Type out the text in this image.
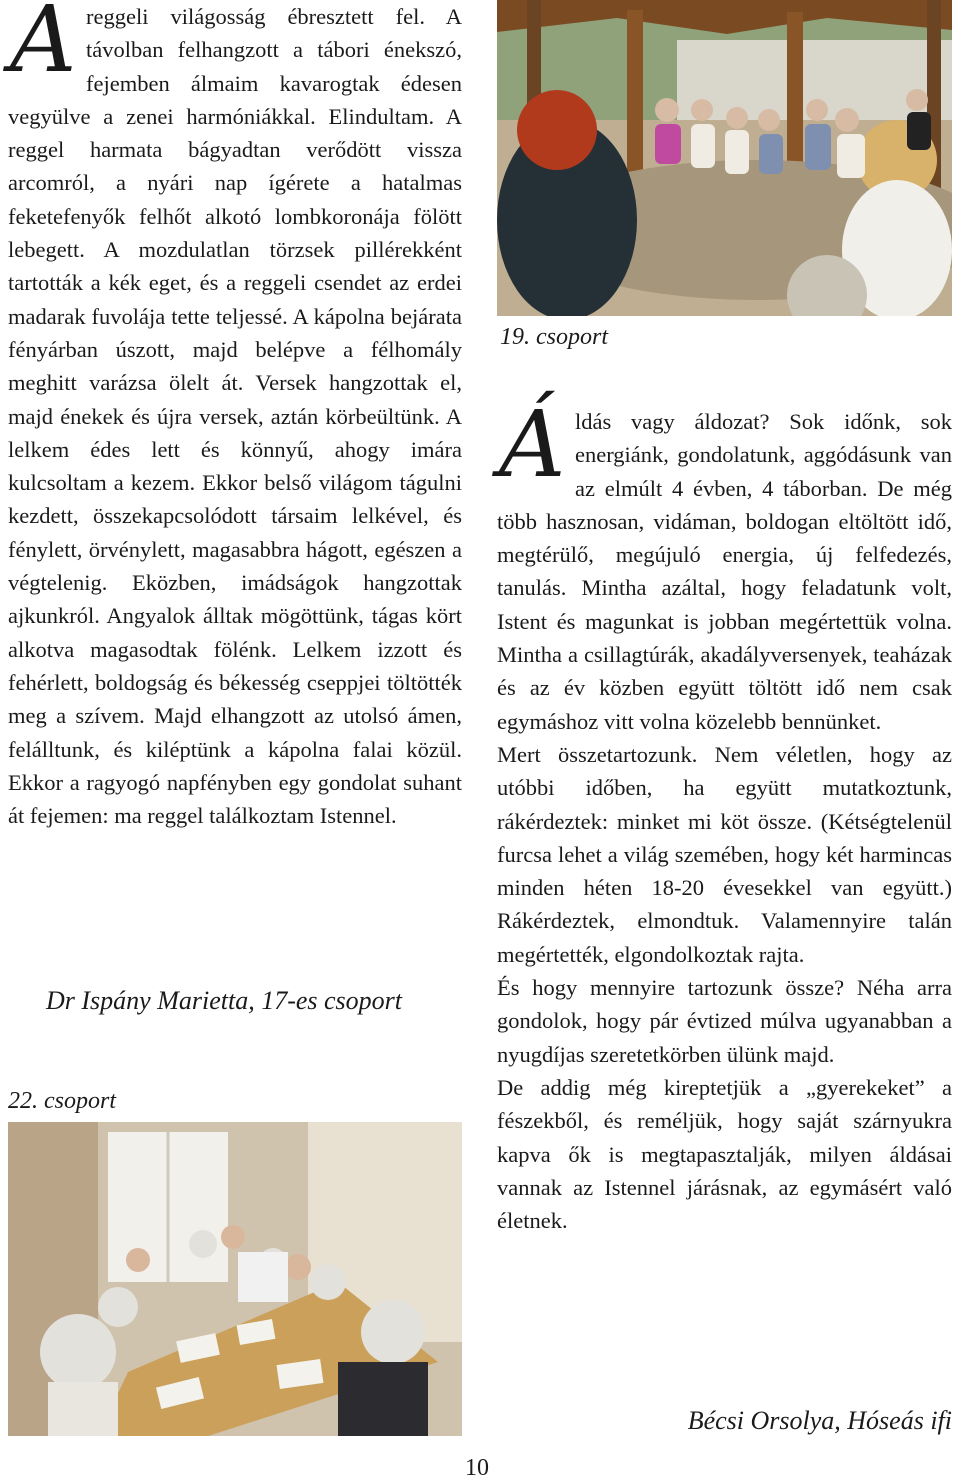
19. csoport
A reggeli világosság ébresztett fel. A távolban felhangzott a tábori énekszó, fejemben álmaim kavarogtak édesen vegyülve a zenei harmóniákkal. Elindultam. A reggel harmata bágyadtan verődött vissza arcomról, a nyári nap ígérete a hatalmas feketefenyők felhőt alkotó lombkoronája fölött lebegett. A mozdulatlan törzsek pillérekként tartották a kék eget, és a reggeli csendet az erdei madarak fuvolája tette teljessé. A kápolna bejárata fényárban úszott, majd belépve a félhomály meghitt varázsa ölelt át. Versek hangzottak el, majd énekek és újra versek, aztán körbeültünk. A lelkem édes lett és könnyű, ahogy imára kulcsoltam a kezem. Ekkor belső világom tágulni kezdett, összekapcsolódott társaim lelkével, és fénylett, örvénylett, magasabbra hágott, egészen a végtelenig. Eközben, imádságok hangzottak ajkunkról. Angyalok álltak mögöttünk, tágas kört alkotva magasodtak fölénk. Lelkem izzott és fehérlett, boldogság és békesség cseppjei töltötték meg a szívem. Majd elhangzott az utolsó ámen, felálltunk, és kiléptünk a kápolna falai közül. Ekkor a ragyogó napfényben egy gondolat suhant át fejemen: ma reggel találkoztam Istennel.

Dr Ispány Marietta, 17-es csoport
22. csoport
Á ldás vagy áldozat? Sok időnk, sok energiánk, gondolatunk, aggódásunk van az elmúlt 4 évben, 4 táborban. De még több hasznosan, vidáman, boldogan eltöltött idő, megtérülő, megújuló energia, új felfedezés, tanulás. Mintha azáltal, hogy feladatunk volt, Istent és magunkat is jobban megértettük volna. Mintha a csillagtúrák, akadályversenyek, teaházak és az év közben együtt töltött idő nem csak egymáshoz vitt volna közelebb bennünket.

Mert összetartozunk. Nem véletlen, hogy az utóbbi időben, ha együtt mutatkoztunk, rákérdeztek: minket mi köt össze. (Kétségtelenül furcsa lehet a világ szemében, hogy két harmincas minden héten 18-20 évesekkel van együtt.) Rákérdeztek, elmondtuk. Valamennyire talán megértették, elgondolkoztak rajta.

És hogy mennyire tartozunk össze? Néha arra gondolok, hogy pár évtized múlva ugyanabban a nyugdíjas szeretetkörben ülünk majd.

De addig még kireptetjük a „gyerekeket” a fészekből, és reméljük, hogy saját szárnyukra kapva ők is megtapasztalják, milyen áldásai vannak az Istennel járásnak, az egymásért való életnek.

Bécsi Orsolya, Hóseás ifi
10
